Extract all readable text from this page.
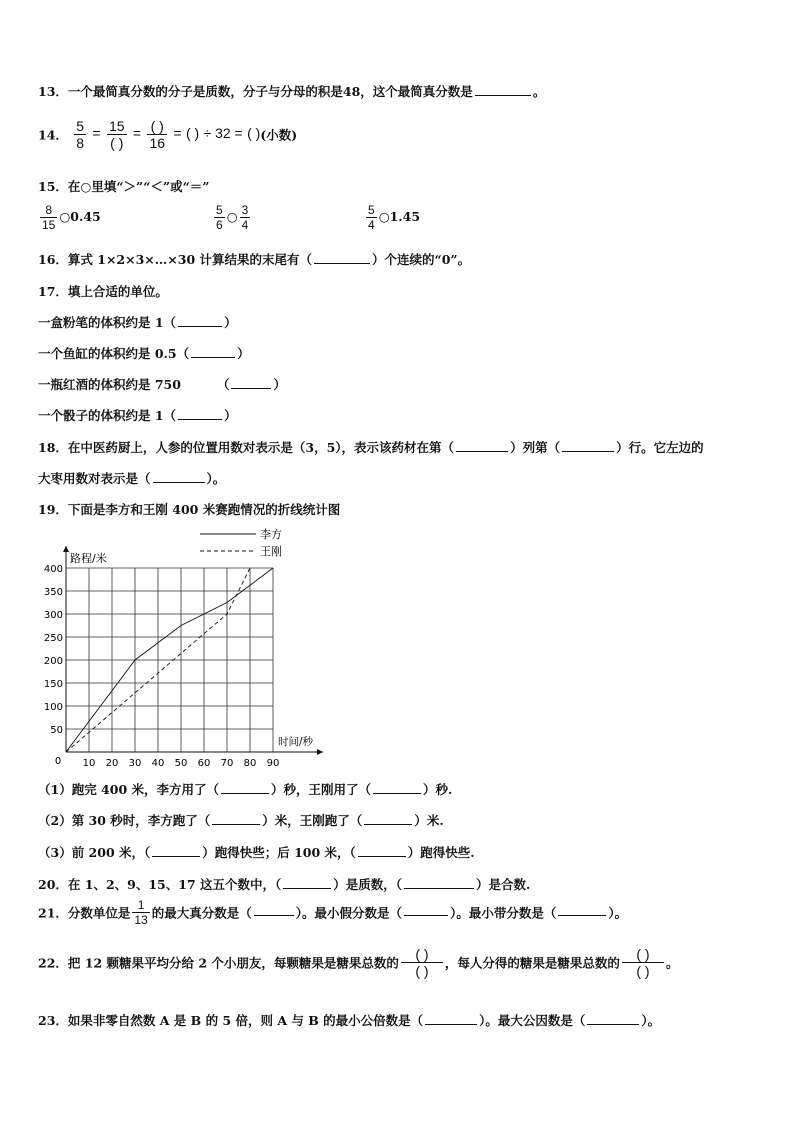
13．一个最简真分数的分子是质数，分子与分母的积是48，这个最简真分数是	。
14． $\frac{5}{8} = \frac{15}{( )} = \frac{( )}{16}$ = ( ) ÷ 32 = ( )(小数)
15．在○里填“＞”“＜”或“＝”
$\frac{8}{15}$ ○0.45	$\frac{5}{6}$ ○ $\frac{3}{4}$	$\frac{5}{4}$ ○1.45
16．算式 1×2×3×…×30 计算结果的末尾有（	）个连续的“0”。
17．填上合适的单位。
一盒粉笔的体积约是 1（	）
一个鱼缸的体积约是 0.5（	）
一瓶红酒的体积约是 750	（	）
一个骰子的体积约是 1（	）
18．在中医药厨上，人参的位置用数对表示是（3，5），表示该药材在第（	）列第（	）行。它左边的
大枣用数对表示是（	）。
19．下面是李方和王刚 400 米赛跑情况的折线统计图
10 20 30 40 50 60 70 80 90
50
100
150
200
250
300
350
400
0
路程/米
时间/秒
李方
王刚
（1）跑完 400 米，李方用了（	）秒，王刚用了（	）秒.
（2）第 30 秒时，李方跑了（	）米，王刚跑了（	）米.
（3）前 200 米，（	）跑得快些；后 100 米，（	）跑得快些.
20．在 1、2、9、15、17 这五个数中，（	）是质数，（	）是合数.
21．分数单位是 $\frac{1}{13}$ 的最大真分数是（	）。最小假分数是（	）。最小带分数是（	）。
22．把 12 颗糖果平均分给 2 个小朋友，每颗糖果是糖果总数的 $\frac{( )}{( )}$ ，每人分得的糖果是糖果总数的 $\frac{( )}{( )}$ 。
23．如果非零自然数 A 是 B 的 5 倍，则 A 与 B 的最小公倍数是（	）。最大公因数是（	）。
